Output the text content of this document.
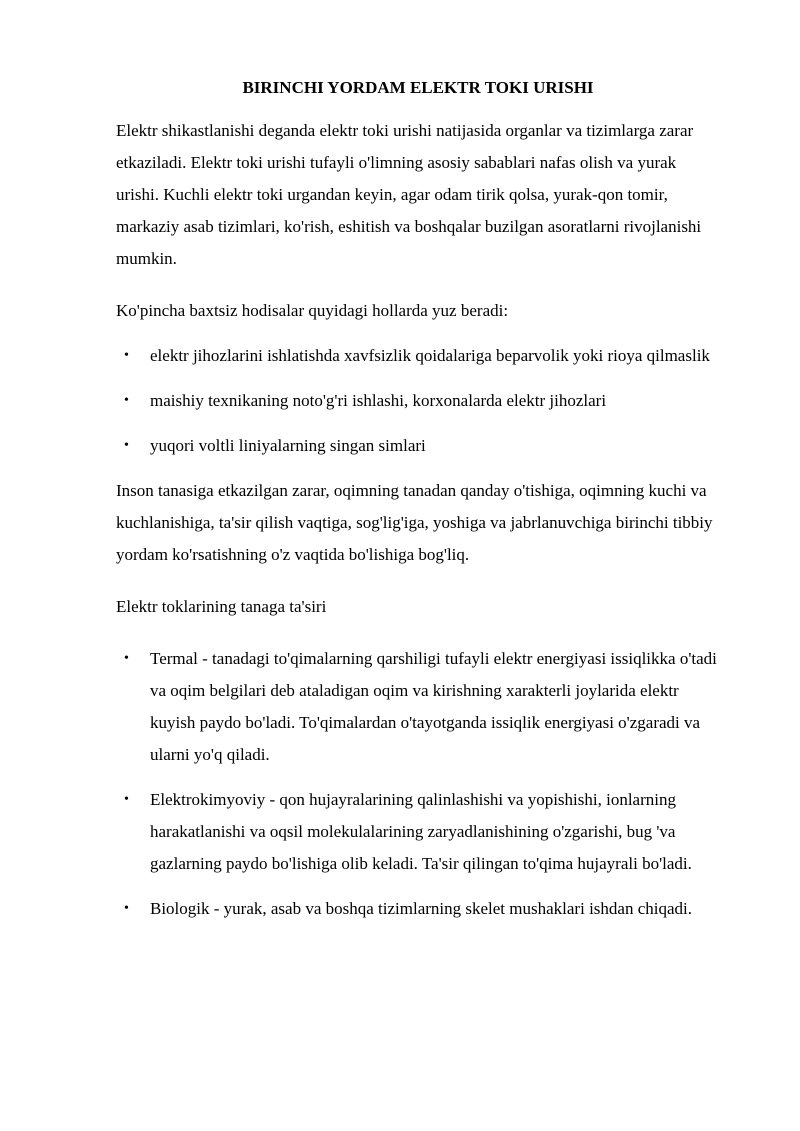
BIRINCHI YORDAM ELEKTR TOKI URISHI

Elektr shikastlanishi deganda elektr toki urishi natijasida organlar va tizimlarga zarar etkaziladi. Elektr toki urishi tufayli o'limning asosiy sabablari nafas olish va yurak urishi. Kuchli elektr toki urgandan keyin, agar odam tirik qolsa, yurak-qon tomir, markaziy asab tizimlari, ko'rish, eshitish va boshqalar buzilgan asoratlarni rivojlanishi mumkin.

Ko'pincha baxtsiz hodisalar quyidagi hollarda yuz beradi:

• elektr jihozlarini ishlatishda xavfsizlik qoidalariga beparvolik yoki rioya qilmaslik
• maishiy texnikaning noto'g'ri ishlashi, korxonalarda elektr jihozlari
• yuqori voltli liniyalarning singan simlari

Inson tanasiga etkazilgan zarar, oqimning tanadan qanday o'tishiga, oqimning kuchi va kuchlanishiga, ta'sir qilish vaqtiga, sog'lig'iga, yoshiga va jabrlanuvchiga birinchi tibbiy yordam ko'rsatishning o'z vaqtida bo'lishiga bog'liq.

Elektr toklarining tanaga ta'siri

• Termal - tanadagi to'qimalarning qarshiligi tufayli elektr energiyasi issiqlikka o'tadi va oqim belgilari deb ataladigan oqim va kirishning xarakterli joylarida elektr kuyish paydo bo'ladi. To'qimalardan o'tayotganda issiqlik energiyasi o'zgaradi va ularni yo'q qiladi.
• Elektrokimyoviy - qon hujayralarining qalinlashishi va yopishishi, ionlarning harakatlanishi va oqsil molekulalarining zaryadlanishining o'zgarishi, bug 'va gazlarning paydo bo'lishiga olib keladi. Ta'sir qilingan to'qima hujayrali bo'ladi.
• Biologik - yurak, asab va boshqa tizimlarning skelet mushaklari ishdan chiqadi.
